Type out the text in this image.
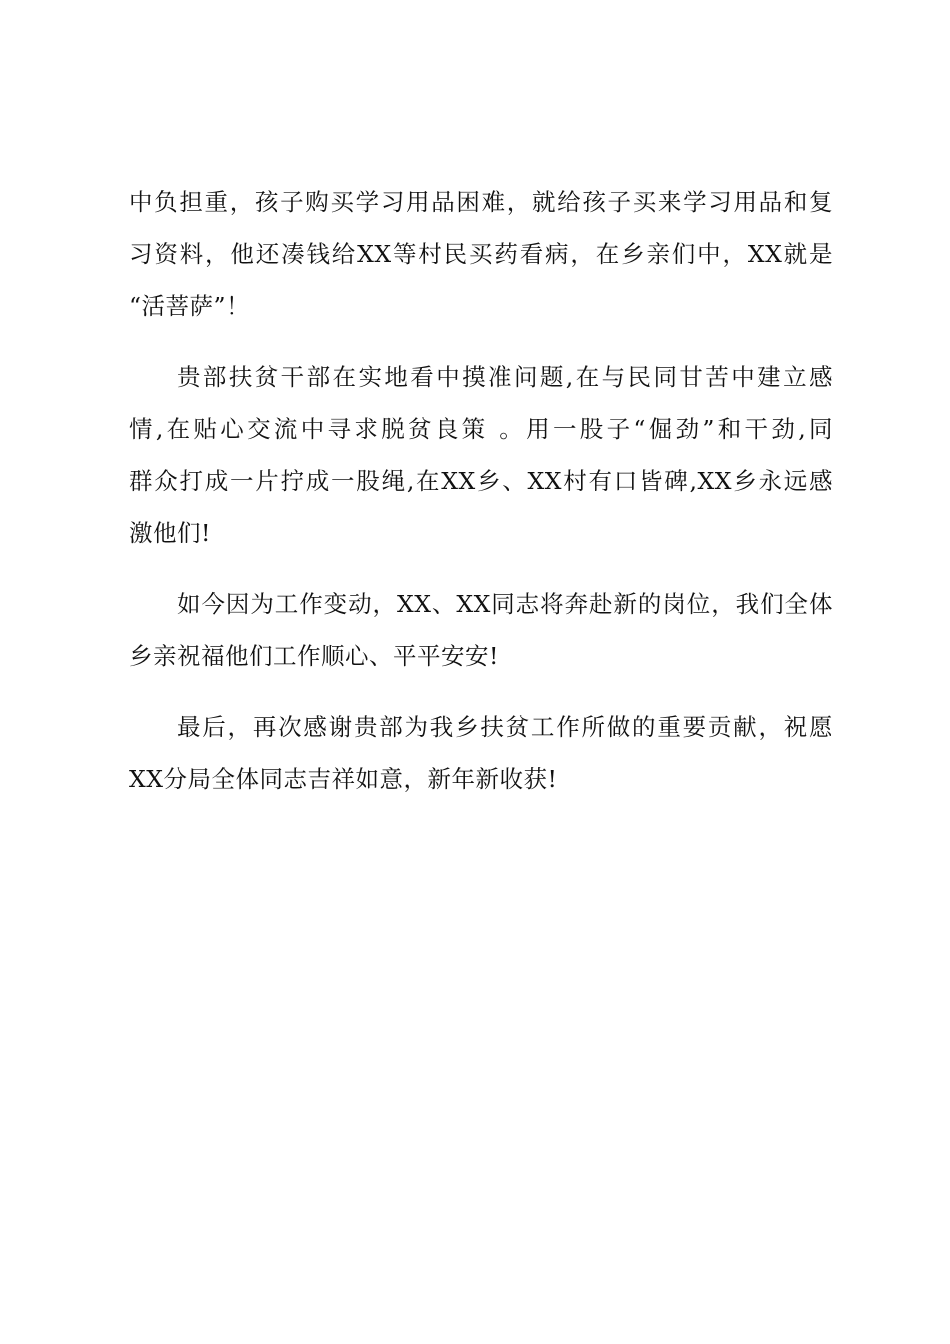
中负担重，孩子购买学习用品困难，就给孩子买来学习用品和复
习资料，他还凑钱给XX等村民买药看病，在乡亲们中，XX就是
“活菩萨”！
贵部扶贫干部在实地看中摸准问题,在与民同甘苦中建立感
情,在贴心交流中寻求脱贫良策 。用一股子“倔劲”和干劲,同
群众打成一片拧成一股绳,在XX乡、XX村有口皆碑,XX乡永远感
激他们!
如今因为工作变动，XX、XX同志将奔赴新的岗位，我们全体
乡亲祝福他们工作顺心、平平安安!
最后，再次感谢贵部为我乡扶贫工作所做的重要贡献，祝愿
XX分局全体同志吉祥如意，新年新收获!
